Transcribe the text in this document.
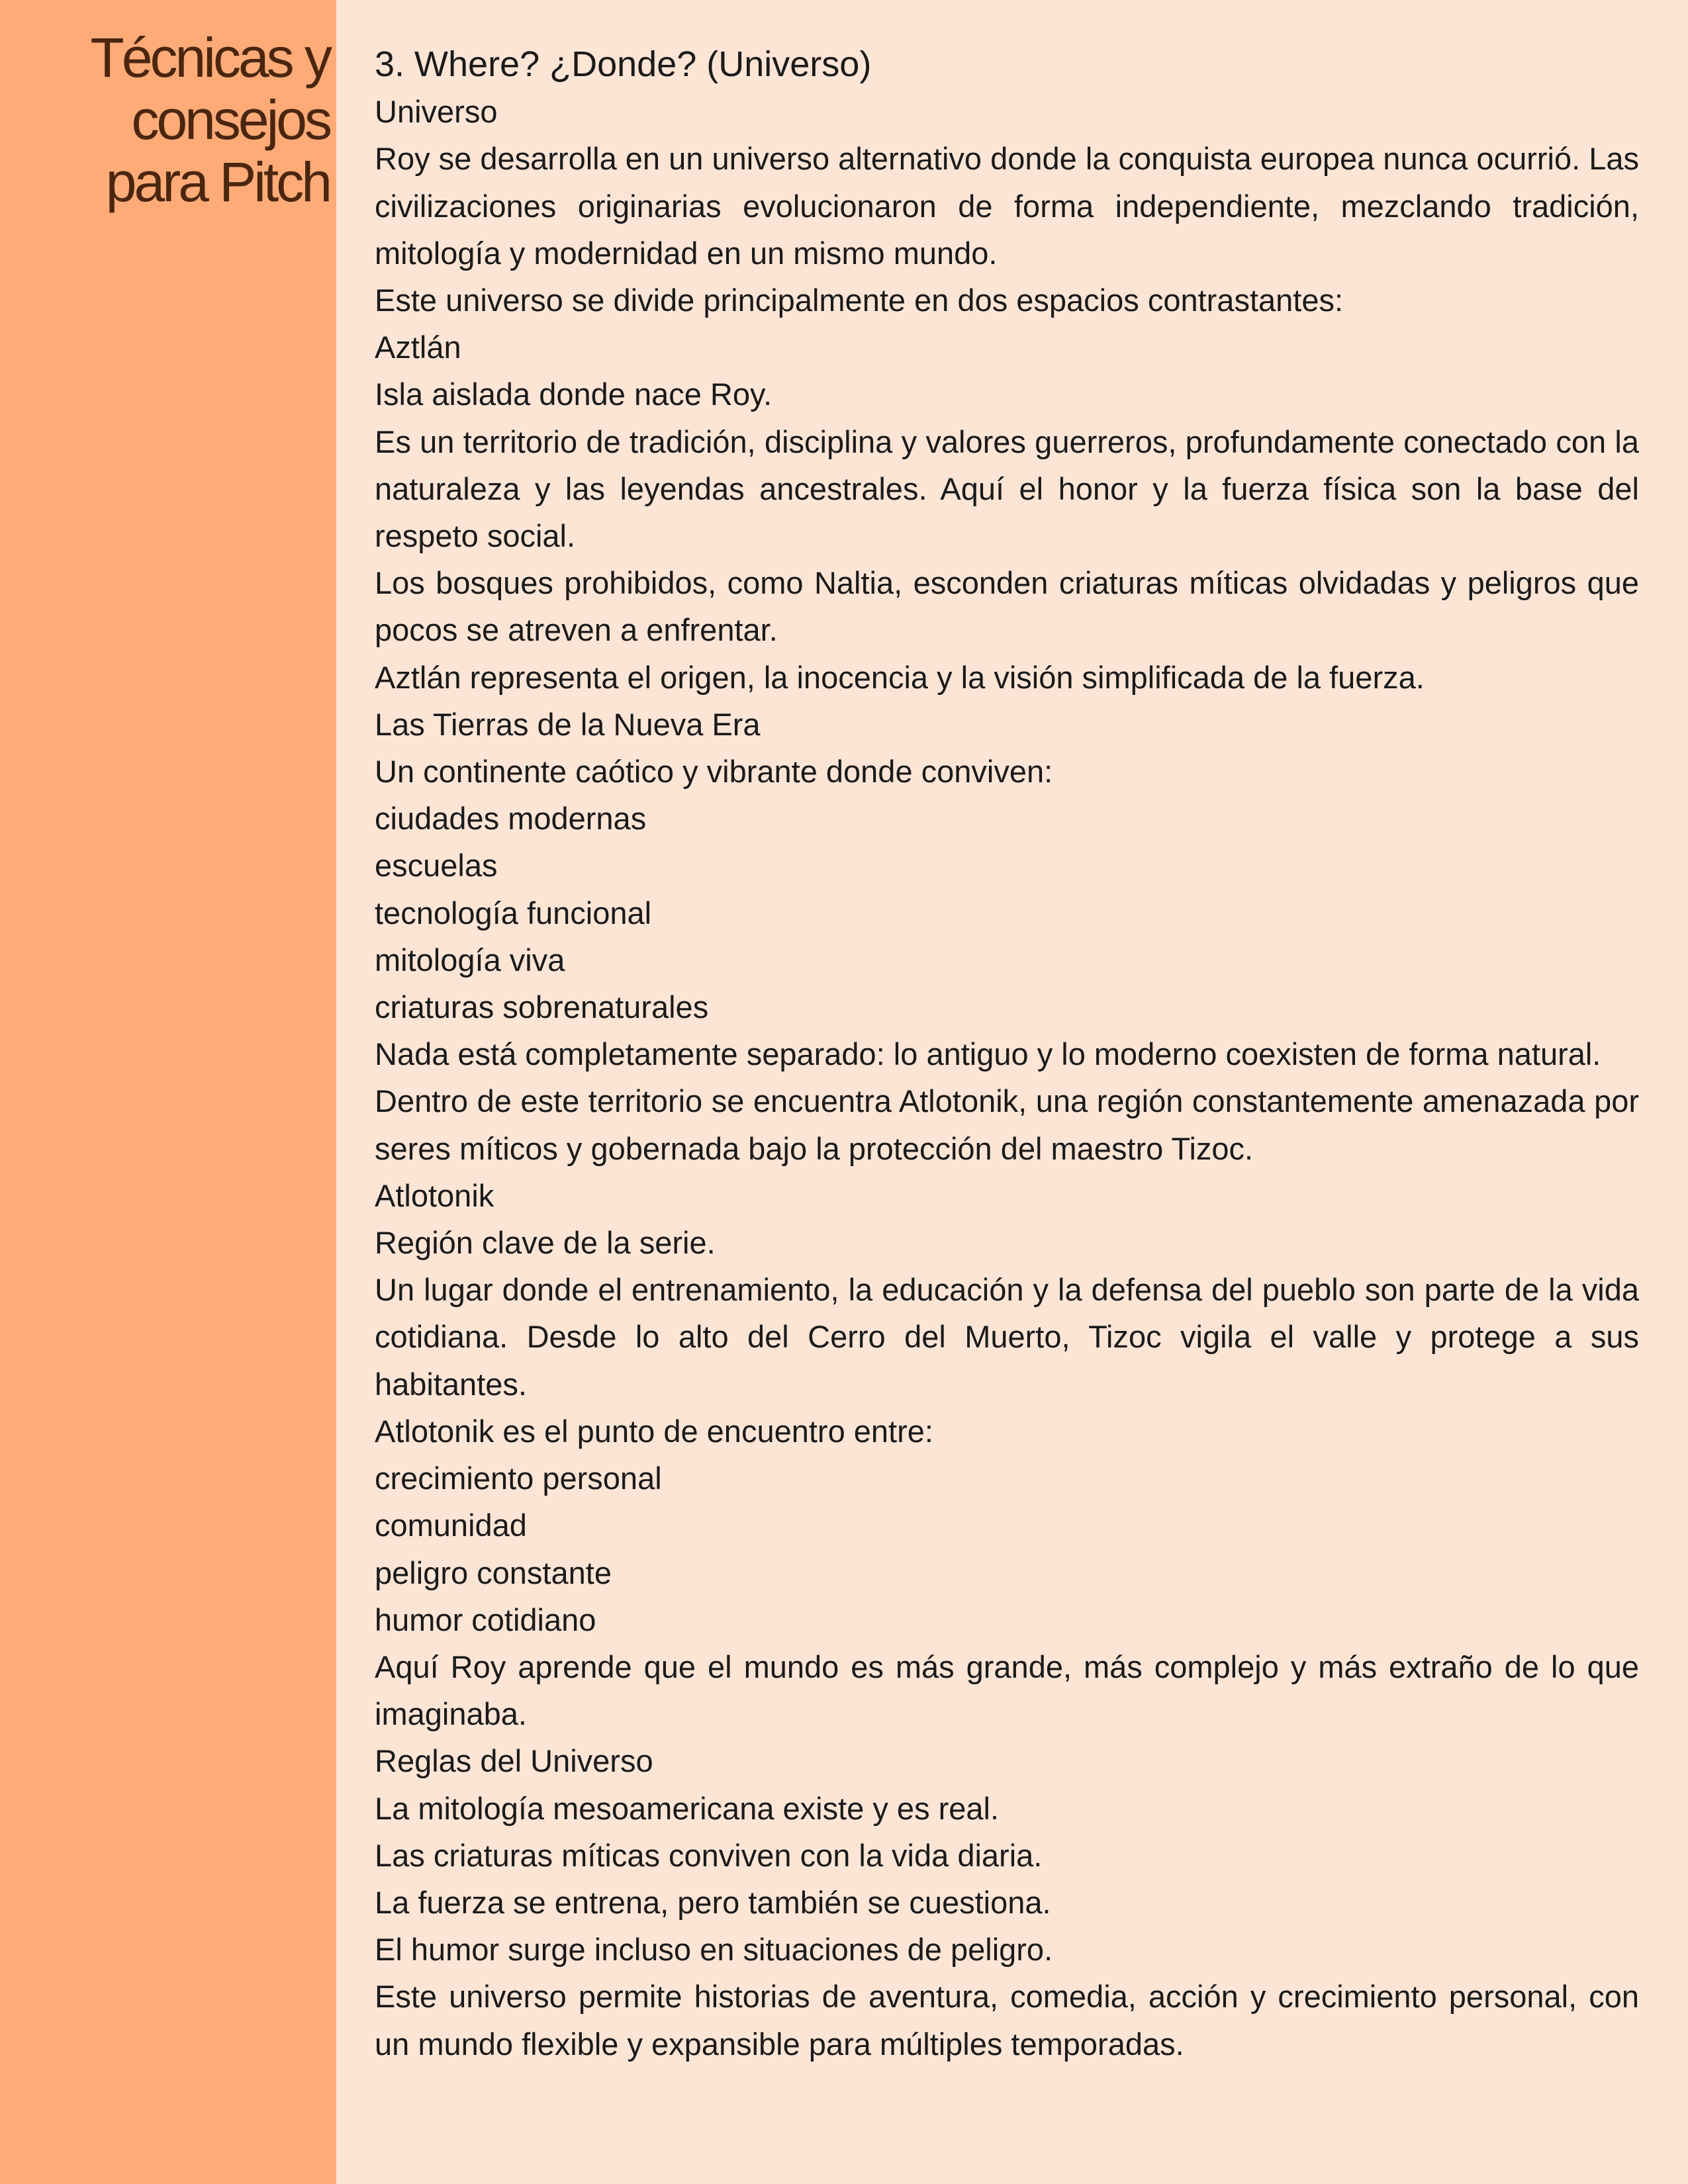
Técnicas y
consejos
para Pitch

3. Where? ¿Donde? (Universo)

Universo

Roy se desarrolla en un universo alternativo donde la conquista europea nunca ocurrió. Las civilizaciones originarias evolucionaron de forma independiente, mezclando tradición, mitología y modernidad en un mismo mundo.

Este universo se divide principalmente en dos espacios contrastantes:

Aztlán

Isla aislada donde nace Roy.

Es un territorio de tradición, disciplina y valores guerreros, profundamente conectado con la naturaleza y las leyendas ancestrales. Aquí el honor y la fuerza física son la base del respeto social.

Los bosques prohibidos, como Naltia, esconden criaturas míticas olvidadas y peligros que pocos se atreven a enfrentar.

Aztlán representa el origen, la inocencia y la visión simplificada de la fuerza.

Las Tierras de la Nueva Era

Un continente caótico y vibrante donde conviven:

ciudades modernas

escuelas

tecnología funcional

mitología viva

criaturas sobrenaturales

Nada está completamente separado: lo antiguo y lo moderno coexisten de forma natural.

Dentro de este territorio se encuentra Atlotonik, una región constantemente amenazada por seres míticos y gobernada bajo la protección del maestro Tizoc.

Atlotonik

Región clave de la serie.

Un lugar donde el entrenamiento, la educación y la defensa del pueblo son parte de la vida cotidiana. Desde lo alto del Cerro del Muerto, Tizoc vigila el valle y protege a sus habitantes.

Atlotonik es el punto de encuentro entre:

crecimiento personal

comunidad

peligro constante

humor cotidiano

Aquí Roy aprende que el mundo es más grande, más complejo y más extraño de lo que imaginaba.

Reglas del Universo

La mitología mesoamericana existe y es real.

Las criaturas míticas conviven con la vida diaria.

La fuerza se entrena, pero también se cuestiona.

El humor surge incluso en situaciones de peligro.

Este universo permite historias de aventura, comedia, acción y crecimiento personal, con un mundo flexible y expansible para múltiples temporadas.
